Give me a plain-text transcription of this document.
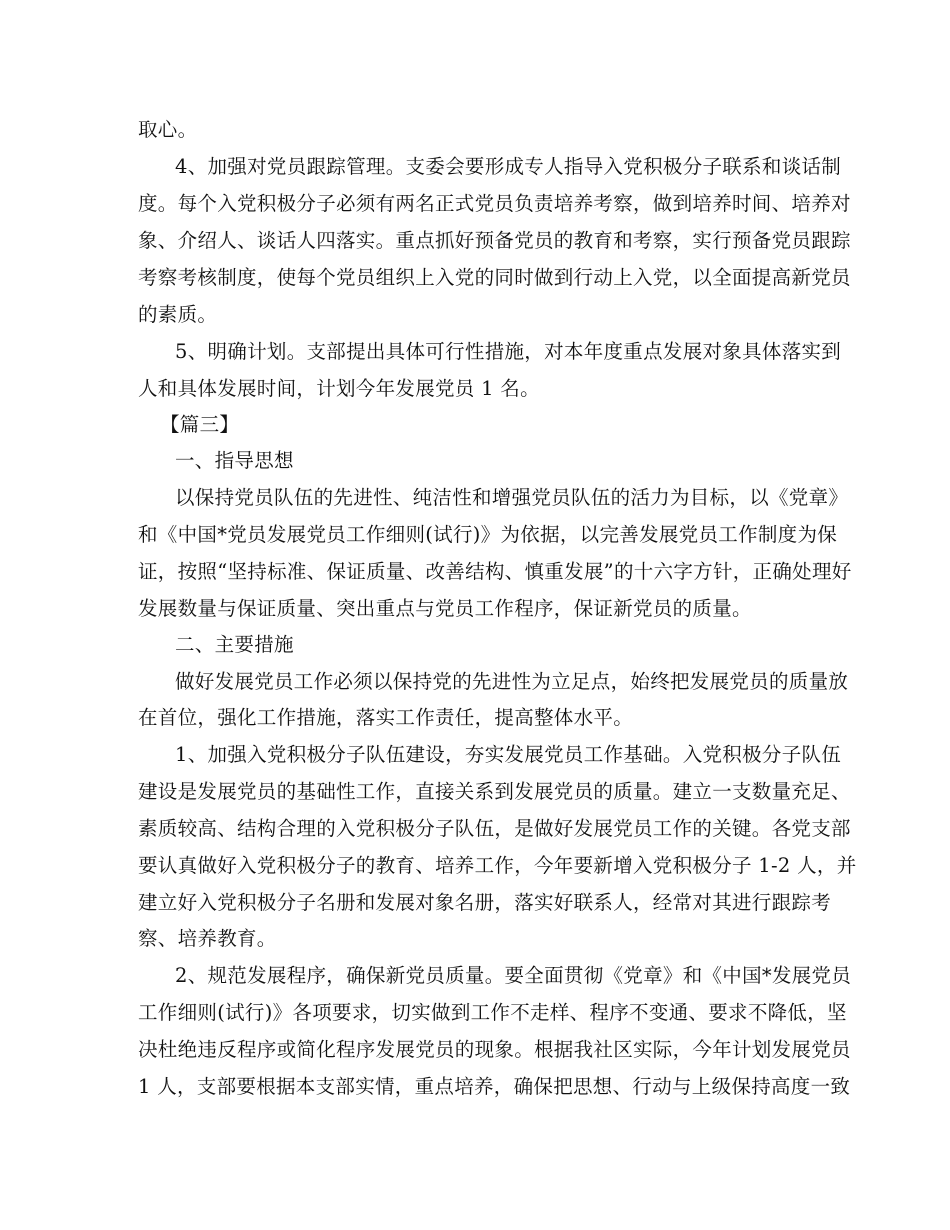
取心。
4、加强对党员跟踪管理。支委会要形成专人指导入党积极分子联系和谈话制
度。每个入党积极分子必须有两名正式党员负责培养考察，做到培养时间、培养对
象、介绍人、谈话人四落实。重点抓好预备党员的教育和考察，实行预备党员跟踪
考察考核制度，使每个党员组织上入党的同时做到行动上入党，以全面提高新党员
的素质。
5、明确计划。支部提出具体可行性措施，对本年度重点发展对象具体落实到
人和具体发展时间，计划今年发展党员 1 名。
【篇三】
一、指导思想
以保持党员队伍的先进性、纯洁性和增强党员队伍的活力为目标，以《党章》
和《中国*党员发展党员工作细则(试行)》为依据，以完善发展党员工作制度为保
证，按照“坚持标准、保证质量、改善结构、慎重发展”的十六字方针，正确处理好
发展数量与保证质量、突出重点与党员工作程序，保证新党员的质量。
二、主要措施
做好发展党员工作必须以保持党的先进性为立足点，始终把发展党员的质量放
在首位，强化工作措施，落实工作责任，提高整体水平。
1、加强入党积极分子队伍建设，夯实发展党员工作基础。入党积极分子队伍
建设是发展党员的基础性工作，直接关系到发展党员的质量。建立一支数量充足、
素质较高、结构合理的入党积极分子队伍，是做好发展党员工作的关键。各党支部
要认真做好入党积极分子的教育、培养工作，今年要新增入党积极分子 1-2 人，并
建立好入党积极分子名册和发展对象名册，落实好联系人，经常对其进行跟踪考
察、培养教育。
2、规范发展程序，确保新党员质量。要全面贯彻《党章》和《中国*发展党员
工作细则(试行)》各项要求，切实做到工作不走样、程序不变通、要求不降低，坚
决杜绝违反程序或简化程序发展党员的现象。根据我社区实际，今年计划发展党员
1 人，支部要根据本支部实情，重点培养，确保把思想、行动与上级保持高度一致
